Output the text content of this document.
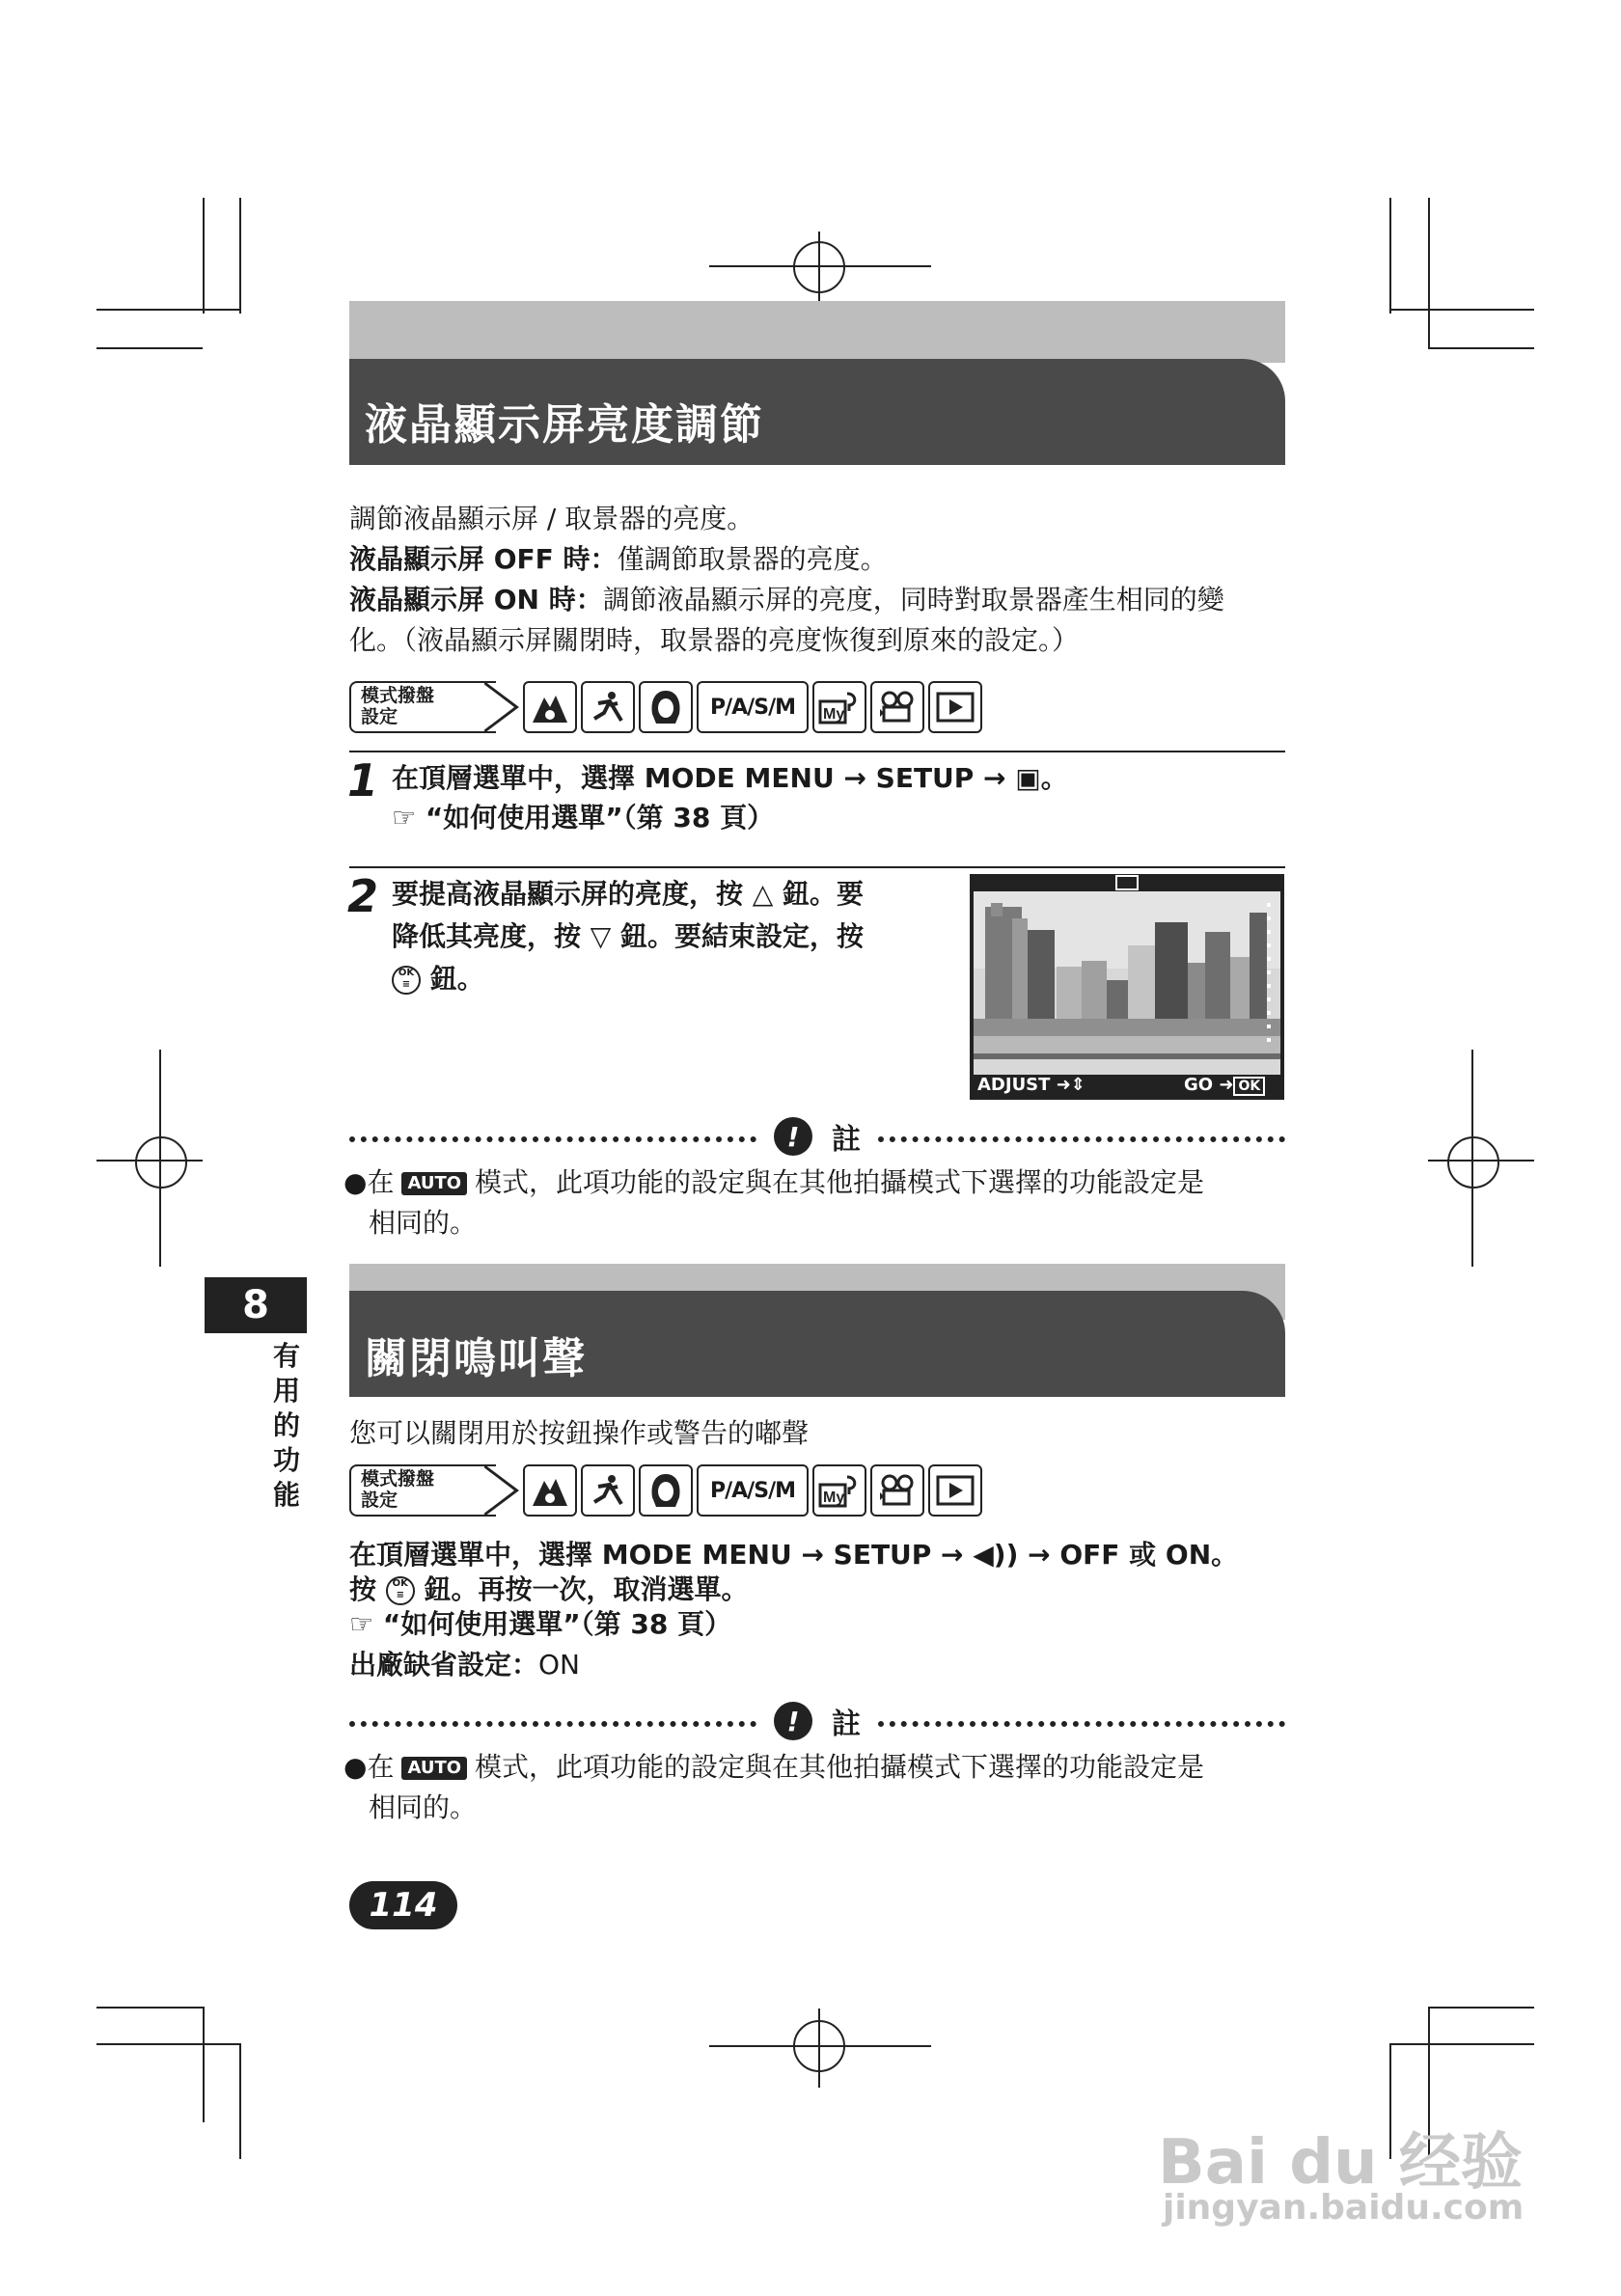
液晶顯示屏亮度調節
調節液晶顯示屏 / 取景器的亮度。
液晶顯示屏 OFF 時：僅調節取景器的亮度。
液晶顯示屏 ON 時：調節液晶顯示屏的亮度，同時對取景器產生相同的變
化。（液晶顯示屏關閉時，取景器的亮度恢復到原來的設定。）
模式撥盤
設定	P/A/S/M	My
1 在頂層選單中，選擇 MODE MENU → SETUP → ▣。
☞ “如何使用選單”（第 38 頁）
2 要提高液晶顯示屏的亮度，按 △ 鈕。要
降低其亮度，按 ▽ 鈕。要結束設定，按
OK
≡ 鈕。
ADJUST ➜⇕	GO ➜ OK
!	註
●在 AUTO 模式，此項功能的設定與在其他拍攝模式下選擇的功能設定是
相同的。
關閉鳴叫聲
8
有
用
的
功
能
您可以關閉用於按鈕操作或警告的嘟聲
模式撥盤
設定	P/A/S/M	My
在頂層選單中，選擇 MODE MENU → SETUP → ◀)) → OFF 或 ON。
按 OK
≡ 鈕。再按一次，取消選單。
☞ “如何使用選單”（第 38 頁）
出廠缺省設定：ON
!	註
●在 AUTO 模式，此項功能的設定與在其他拍攝模式下選擇的功能設定是
相同的。
114
Bai du 经验
jingyan.baidu.com
